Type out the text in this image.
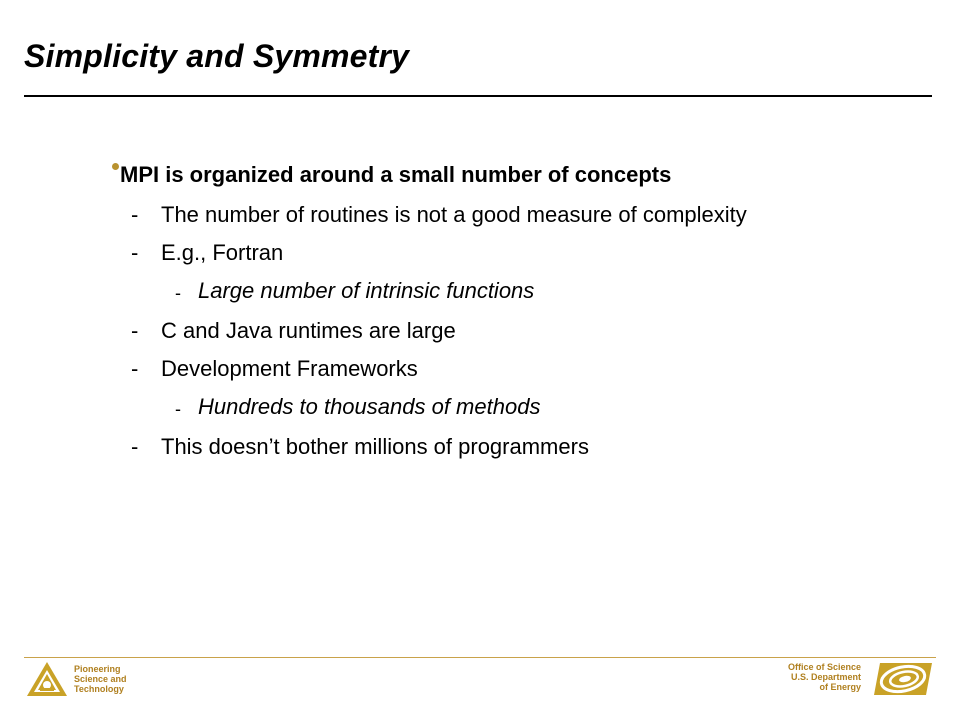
Simplicity and Symmetry
MPI is organized around a small number of concepts
- The number of routines is not a good measure of complexity
- E.g., Fortran
- Large number of intrinsic functions
- C and Java runtimes are large
- Development Frameworks
- Hundreds to thousands of methods
- This doesn’t bother millions of programmers
Pioneering
Science and
Technology
Office of Science
U.S. Department
of Energy
